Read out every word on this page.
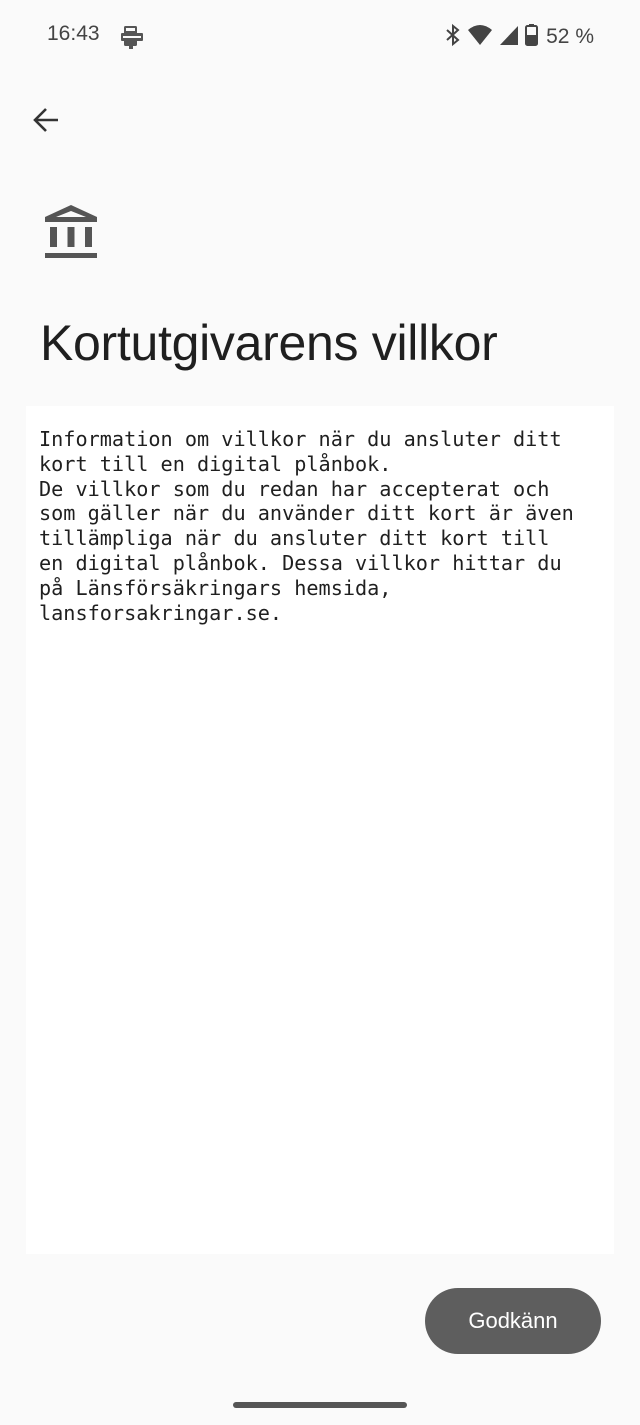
16:43	52 %
Kortutgivarens villkor
Information om villkor när du ansluter ditt
kort till en digital plånbok.
De villkor som du redan har accepterat och
som gäller när du använder ditt kort är även
tillämpliga när du ansluter ditt kort till
en digital plånbok. Dessa villkor hittar du
på Länsförsäkringars hemsida,
lansforsakringar.se.
Godkänn
